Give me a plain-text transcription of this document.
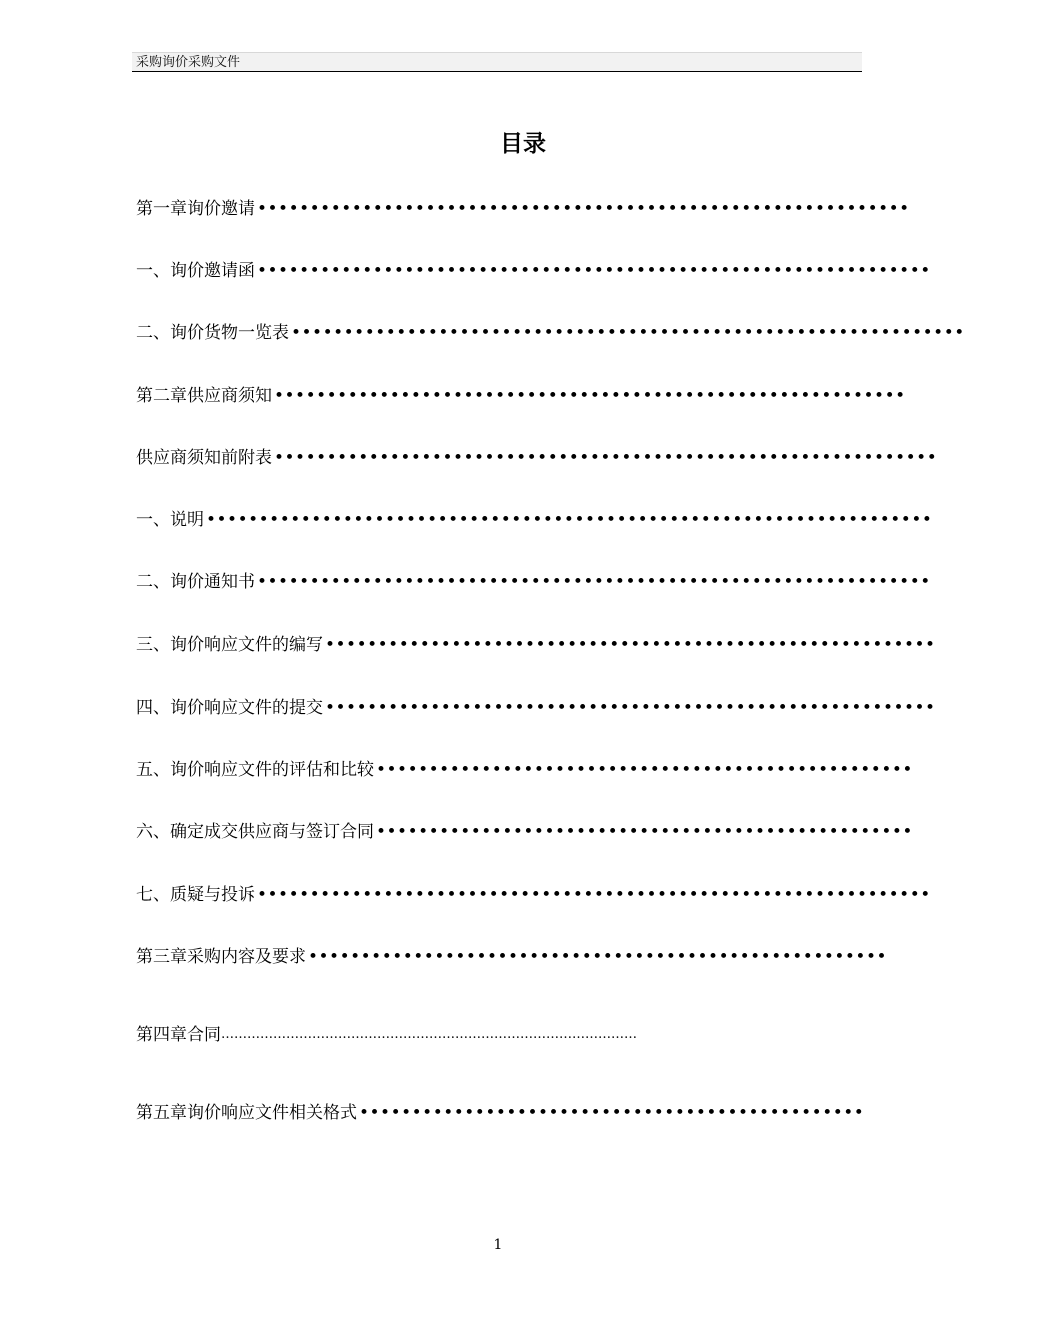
采购询价采购文件
目录
第一章询价邀请 ••••••••••••••••••••••••••••••••••••••••••••••••••••••••••••••
一、询价邀请函 ••••••••••••••••••••••••••••••••••••••••••••••••••••••••••••••••
二、询价货物一览表 ••••••••••••••••••••••••••••••••••••••••••••••••••••••••••••••••
第二章供应商须知 ••••••••••••••••••••••••••••••••••••••••••••••••••••••••••••
供应商须知前附表 •••••••••••••••••••••••••••••••••••••••••••••••••••••••••••••••
一、说明 •••••••••••••••••••••••••••••••••••••••••••••••••••••••••••••••••••••
二、询价通知书 ••••••••••••••••••••••••••••••••••••••••••••••••••••••••••••••••
三、询价响应文件的编写 ••••••••••••••••••••••••••••••••••••••••••••••••••••••••••
四、询价响应文件的提交 ••••••••••••••••••••••••••••••••••••••••••••••••••••••••••
五、询价响应文件的评估和比较 •••••••••••••••••••••••••••••••••••••••••••••••••••
六、确定成交供应商与签订合同 •••••••••••••••••••••••••••••••••••••••••••••••••••
七、质疑与投诉 ••••••••••••••••••••••••••••••••••••••••••••••••••••••••••••••••
第三章采购内容及要求 •••••••••••••••••••••••••••••••••••••••••••••••••••••••
第四章合同 ……………………………………………………………………………………
第五章询价响应文件相关格式 ••••••••••••••••••••••••••••••••••••••••••••••••
1
